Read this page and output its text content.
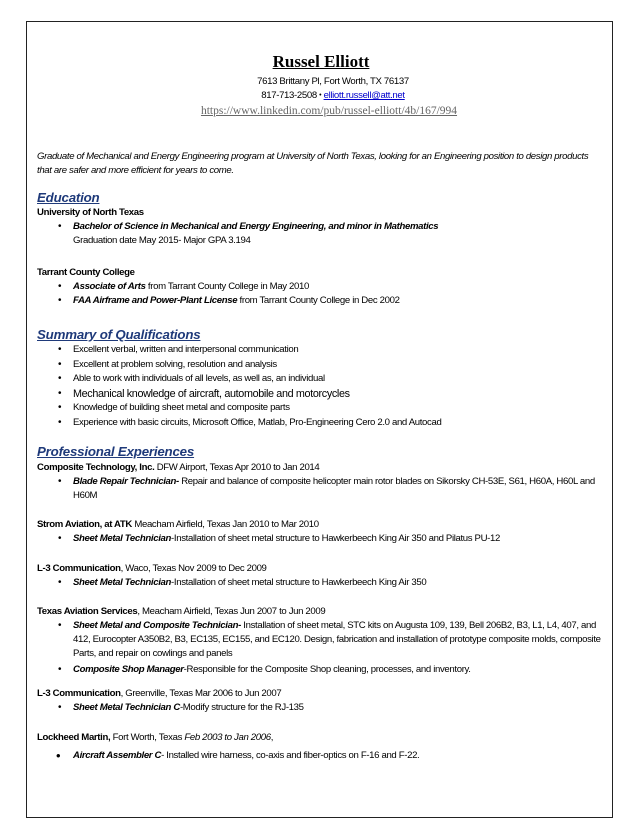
Russel Elliott
7613 Brittany Pl, Fort Worth, TX 76137
817-713-2508 • elliott.russell@att.net
https://www.linkedin.com/pub/russel-elliott/4b/167/994
Graduate of Mechanical and Energy Engineering program at University of North Texas, looking for an Engineering position to design products that are safer and more efficient for years to come.
Education
University of North Texas
• Bachelor of Science in Mechanical and Energy Engineering, and minor in Mathematics
Graduation date May 2015- Major GPA 3.194
Tarrant County College
• Associate of Arts from Tarrant County College in May 2010
• FAA Airframe and Power-Plant License from Tarrant County College in Dec 2002
Summary of Qualifications
• Excellent verbal, written and interpersonal communication
• Excellent at problem solving, resolution and analysis
• Able to work with individuals of all levels, as well as, an individual
• Mechanical knowledge of aircraft, automobile and motorcycles
• Knowledge of building sheet metal and composite parts
• Experience with basic circuits, Microsoft Office, Matlab, Pro-Engineering Cero 2.0 and Autocad
Professional Experiences
Composite Technology, Inc. DFW Airport, Texas Apr 2010 to Jan 2014
• Blade Repair Technician- Repair and balance of composite helicopter main rotor blades on Sikorsky CH-53E, S61, H60A, H60L and H60M
Strom Aviation, at ATK Meacham Airfield, Texas Jan 2010 to Mar 2010
• Sheet Metal Technician-Installation of sheet metal structure to Hawkerbeech King Air 350 and Pilatus PU-12
L-3 Communication, Waco, Texas Nov 2009 to Dec 2009
• Sheet Metal Technician-Installation of sheet metal structure to Hawkerbeech King Air 350
Texas Aviation Services, Meacham Airfield, Texas Jun 2007 to Jun 2009
• Sheet Metal and Composite Technician- Installation of sheet metal, STC kits on Augusta 109, 139, Bell 206B2, B3, L1, L4, 407, and 412, Eurocopter A350B2, B3, EC135, EC155, and EC120. Design, fabrication and installation of prototype composite molds, composite Parts, and repair on cowlings and panels
• Composite Shop Manager-Responsible for the Composite Shop cleaning, processes, and inventory.
L-3 Communication, Greenville, Texas Mar 2006 to Jun 2007
• Sheet Metal Technician C-Modify structure for the RJ-135
Lockheed Martin, Fort Worth, Texas Feb 2003 to Jan 2006,
• Aircraft Assembler C- Installed wire harness, co-axis and fiber-optics on F-16 and F-22.
